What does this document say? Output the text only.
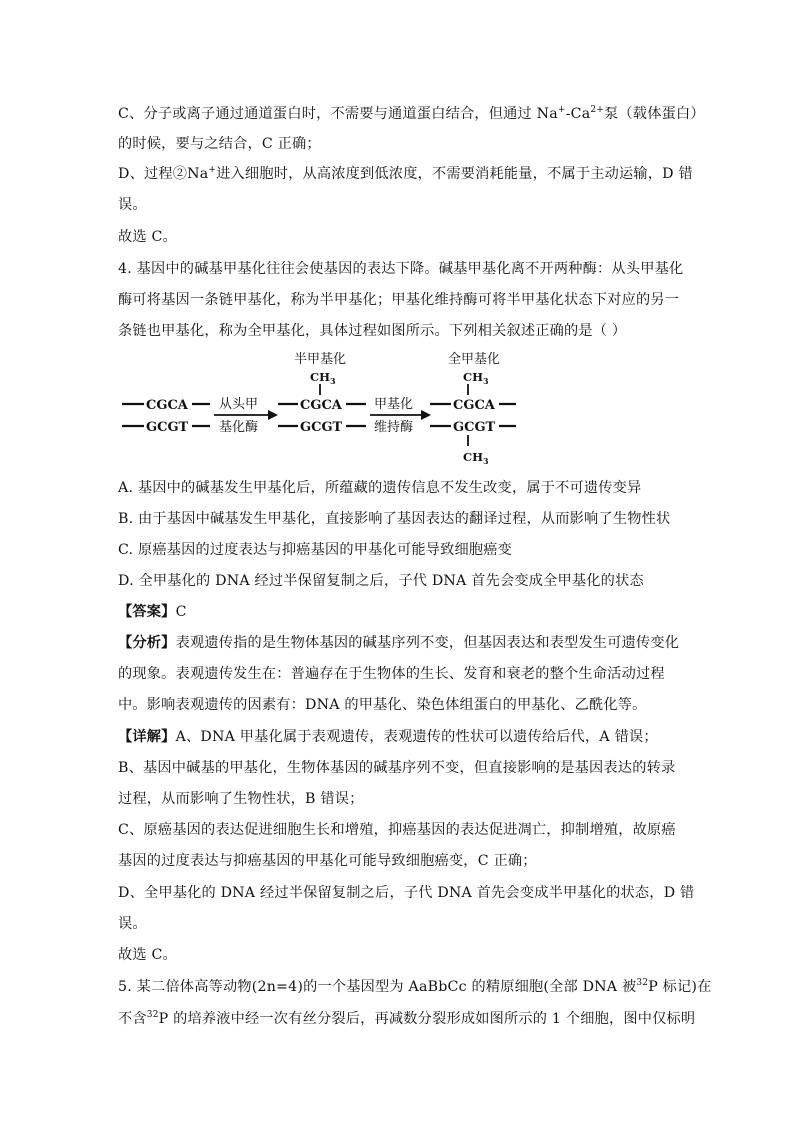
C、分子或离子通过通道蛋白时，不需要与通道蛋白结合，但通过 $Na^+-Ca^{2+}$泵（载体蛋白）
的时候，要与之结合，C 正确；
D、过程②Na+进入细胞时，从高浓度到低浓度，不需要消耗能量，不属于主动运输，D 错
误。
故选 C。
4. 基因中的碱基甲基化往往会使基因的表达下降。碱基甲基化离不开两种酶：从头甲基化
酶可将基因一条链甲基化，称为半甲基化；甲基化维持酶可将半甲基化状态下对应的另一
条链也甲基化，称为全甲基化，具体过程如图所示。下列相关叙述正确的是（ ）
CGCA
GCGT
从头甲
基化酶
半甲基化
$CH_3$
CGCA
GCGT
甲基化
维持酶
全甲基化
$CH_3$
CGCA
GCGT
$CH_3$
A. 基因中的碱基发生甲基化后，所蕴藏的遗传信息不发生改变，属于不可遗传变异
B. 由于基因中碱基发生甲基化，直接影响了基因表达的翻译过程，从而影响了生物性状
C. 原癌基因的过度表达与抑癌基因的甲基化可能导致细胞癌变
D. 全甲基化的 DNA 经过半保留复制之后，子代 DNA 首先会变成全甲基化的状态
【答案】C
【分析】表观遗传指的是生物体基因的碱基序列不变，但基因表达和表型发生可遗传变化
的现象。表观遗传发生在：普遍存在于生物体的生长、发育和衰老的整个生命活动过程
中。影响表观遗传的因素有：DNA 的甲基化、染色体组蛋白的甲基化、乙酰化等。
【详解】A、DNA 甲基化属于表观遗传，表观遗传的性状可以遗传给后代，A 错误；
B、基因中碱基的甲基化，生物体基因的碱基序列不变，但直接影响的是基因表达的转录
过程，从而影响了生物性状，B 错误；
C、原癌基因的表达促进细胞生长和增殖，抑癌基因的表达促进凋亡，抑制增殖，故原癌
基因的过度表达与抑癌基因的甲基化可能导致细胞癌变，C 正确；
D、全甲基化的 DNA 经过半保留复制之后，子代 DNA 首先会变成半甲基化的状态，D 错
误。
故选 C。
5. 某二倍体高等动物(2n=4)的一个基因型为 AaBbCc 的精原细胞(全部 DNA 被$^{32}$P 标记)在
不含$^{32}$P 的培养液中经一次有丝分裂后，再减数分裂形成如图所示的 1 个细胞，图中仅标明
